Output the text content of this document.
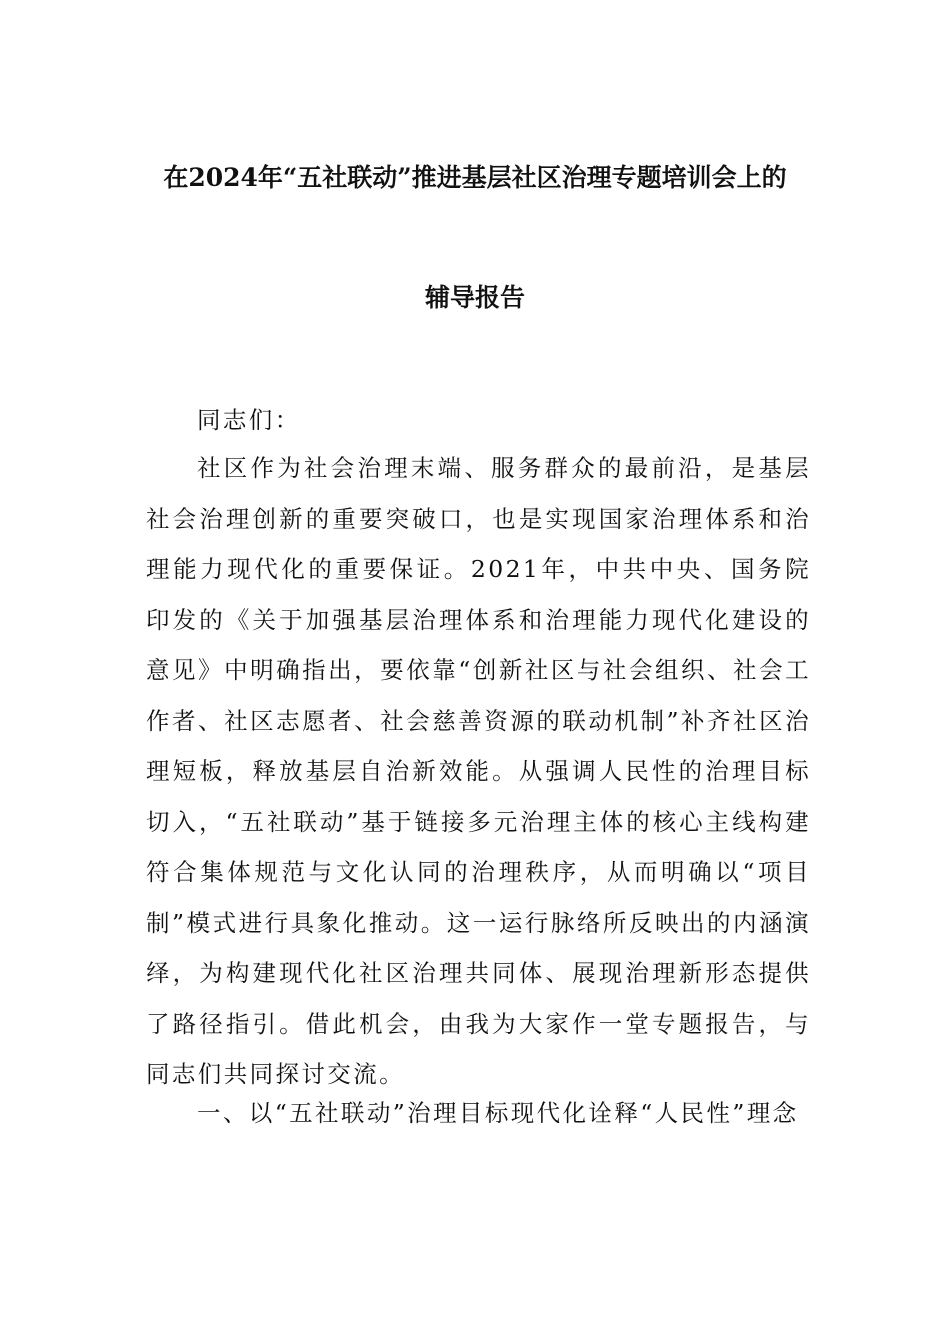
在2024年“五社联动”推进基层社区治理专题培训会上的
辅导报告
同志们：
社区作为社会治理末端、服务群众的最前沿，是基层社会治理创新的重要突破口，也是实现国家治理体系和治理能力现代化的重要保证。2021年，中共中央、国务院印发的《关于加强基层治理体系和治理能力现代化建设的意见》中明确指出，要依靠“创新社区与社会组织、社会工作者、社区志愿者、社会慈善资源的联动机制”补齐社区治理短板，释放基层自治新效能。从强调人民性的治理目标切入，“五社联动”基于链接多元治理主体的核心主线构建符合集体规范与文化认同的治理秩序，从而明确以“项目制”模式进行具象化推动。这一运行脉络所反映出的内涵演绎，为构建现代化社区治理共同体、展现治理新形态提供了路径指引。借此机会，由我为大家作一堂专题报告，与同志们共同探讨交流。
一、以“五社联动”治理目标现代化诠释“人民性”理念
